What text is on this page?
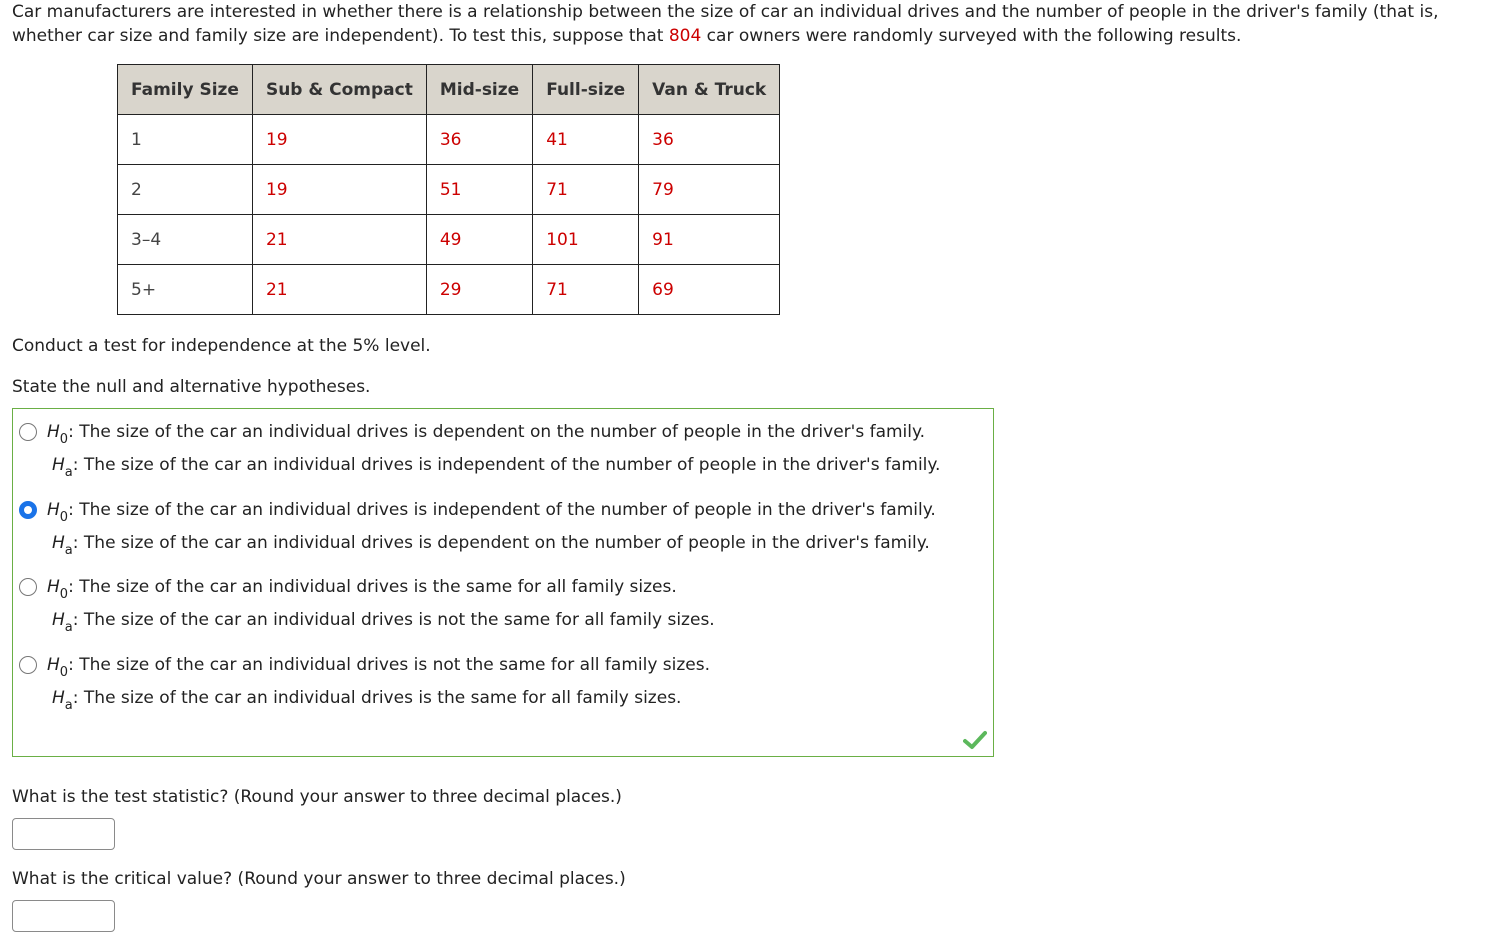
Car manufacturers are interested in whether there is a relationship between the size of car an individual drives and the number of people in the driver's family (that is, whether car size and family size are independent). To test this, suppose that 804 car owners were randomly surveyed with the following results.
Family Size	Sub & Compact	Mid-size	Full-size	Van & Truck
1	19	36	41	36
2	19	51	71	79
3–4	21	49	101	91
5+	21	29	71	69
Conduct a test for independence at the 5% level.
State the null and alternative hypotheses.
$H_0$: The size of the car an individual drives is dependent on the number of people in the driver's family.
$H_a$: The size of the car an individual drives is independent of the number of people in the driver's family.
$H_0$: The size of the car an individual drives is independent of the number of people in the driver's family.
$H_a$: The size of the car an individual drives is dependent on the number of people in the driver's family.
$H_0$: The size of the car an individual drives is the same for all family sizes.
$H_a$: The size of the car an individual drives is not the same for all family sizes.
$H_0$: The size of the car an individual drives is not the same for all family sizes.
$H_a$: The size of the car an individual drives is the same for all family sizes.
What is the test statistic? (Round your answer to three decimal places.)
What is the critical value? (Round your answer to three decimal places.)
